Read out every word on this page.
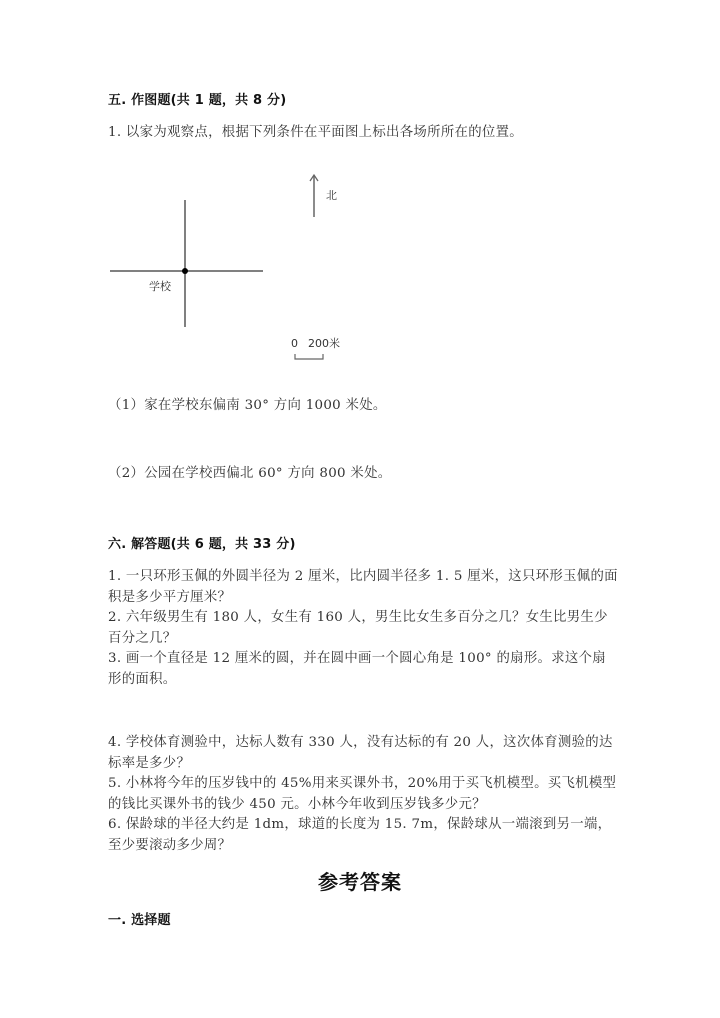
五. 作图题(共 1 题，共 8 分)
1. 以家为观察点，根据下列条件在平面图上标出各场所所在的位置。
学校
北
0 200米
（1）家在学校东偏南 30° 方向 1000 米处。
（2）公园在学校西偏北 60° 方向 800 米处。
六. 解答题(共 6 题，共 33 分)

1. 一只环形玉佩的外圆半径为 2 厘米，比内圆半径多 1. 5 厘米，这只环形玉佩的面积是多少平方厘米？

2. 六年级男生有 180 人，女生有 160 人，男生比女生多百分之几？女生比男生少百分之几？

3. 画一个直径是 12 厘米的圆，并在圆中画一个圆心角是 100° 的扇形。求这个扇形的面积。

4. 学校体育测验中，达标人数有 330 人，没有达标的有 20 人，这次体育测验的达标率是多少？

5. 小林将今年的压岁钱中的 45%用来买课外书，20%用于买飞机模型。买飞机模型的钱比买课外书的钱少 450 元。小林今年收到压岁钱多少元？

6. 保龄球的半径大约是 1dm，球道的长度为 15. 7m，保龄球从一端滚到另一端，至少要滚动多少周？

参考答案
一. 选择题
